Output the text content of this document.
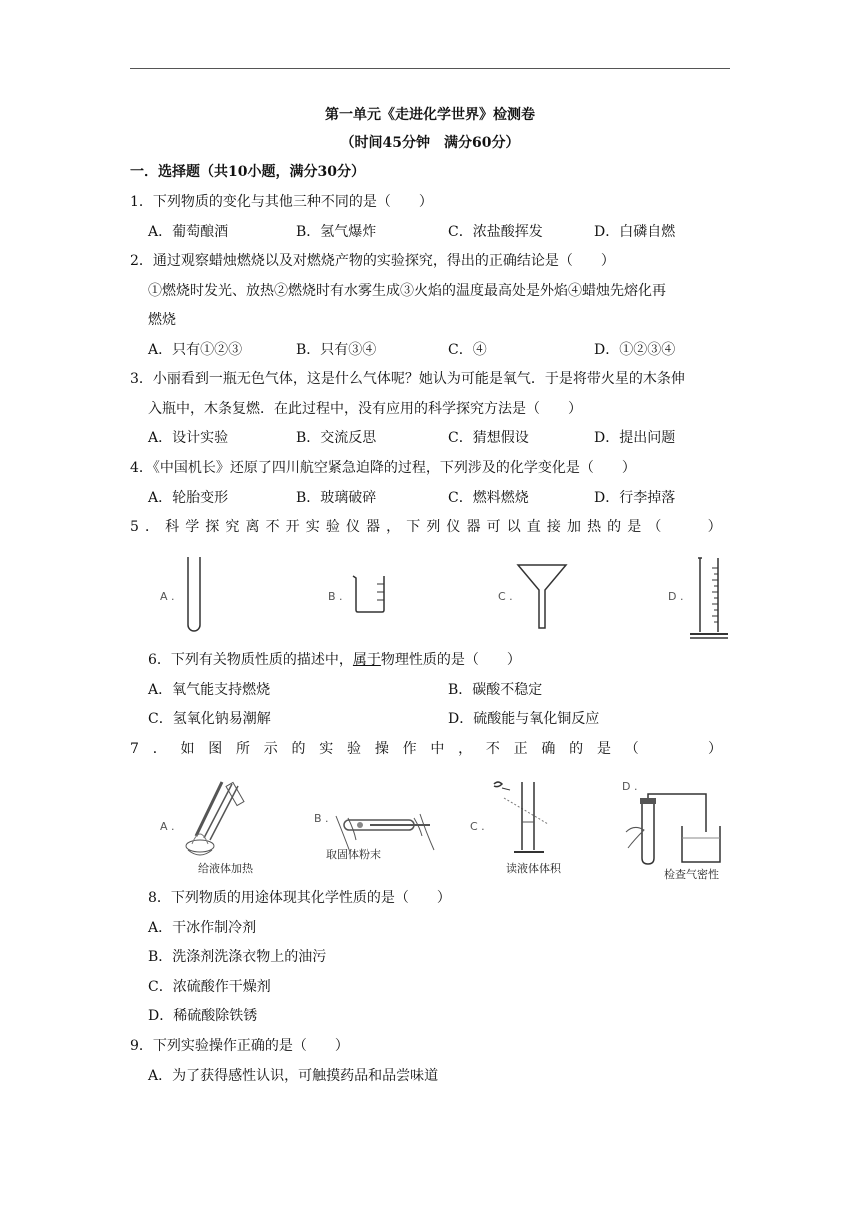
第一单元《走进化学世界》检测卷
（时间45分钟　满分60分）
一．选择题（共10小题，满分30分）
1．下列物质的变化与其他三种不同的是（　　）
A．葡萄酿酒	B．氢气爆炸	C．浓盐酸挥发	D．白磷自燃
2．通过观察蜡烛燃烧以及对燃烧产物的实验探究，得出的正确结论是（　　）
①燃烧时发光、放热②燃烧时有水雾生成③火焰的温度最高处是外焰④蜡烛先熔化再
燃烧
A．只有①②③	B．只有③④	C．④	D．①②③④
3．小丽看到一瓶无色气体，这是什么气体呢？她认为可能是氧气．于是将带火星的木条伸
入瓶中，木条复燃．在此过程中，没有应用的科学探究方法是（　　）
A．设计实验	B．交流反思	C．猜想假设	D．提出问题
4．《中国机长》还原了四川航空紧急迫降的过程，下列涉及的化学变化是（　　）
A．轮胎变形	B．玻璃破碎	C．燃料燃烧	D．行李掉落
5 ． 科 学 探 究 离 不 开 实 验 仪 器 ， 下 列 仪 器 可 以 直 接 加 热 的 是 （

　	）
A .	B .	C .	D .
6．下列有关物质性质的描述中，属于物理性质的是（　　）
A．氧气能支持燃烧	B．碳酸不稳定
C．氢氧化钠易潮解	D．硫酸能与氧化铜反应
7 ． 如 图 所 示 的 实 验 操 作 中 ， 不 正 确 的 是 （

　	）
A .
给液体加热
B .
取固体粉末
C .
读液体体积
D .
检查气密性
8．下列物质的用途体现其化学性质的是（　　）
A．干冰作制冷剂
B．洗涤剂洗涤衣物上的油污
C．浓硫酸作干燥剂
D．稀硫酸除铁锈
9．下列实验操作正确的是（　　）
A．为了获得感性认识，可触摸药品和品尝味道
